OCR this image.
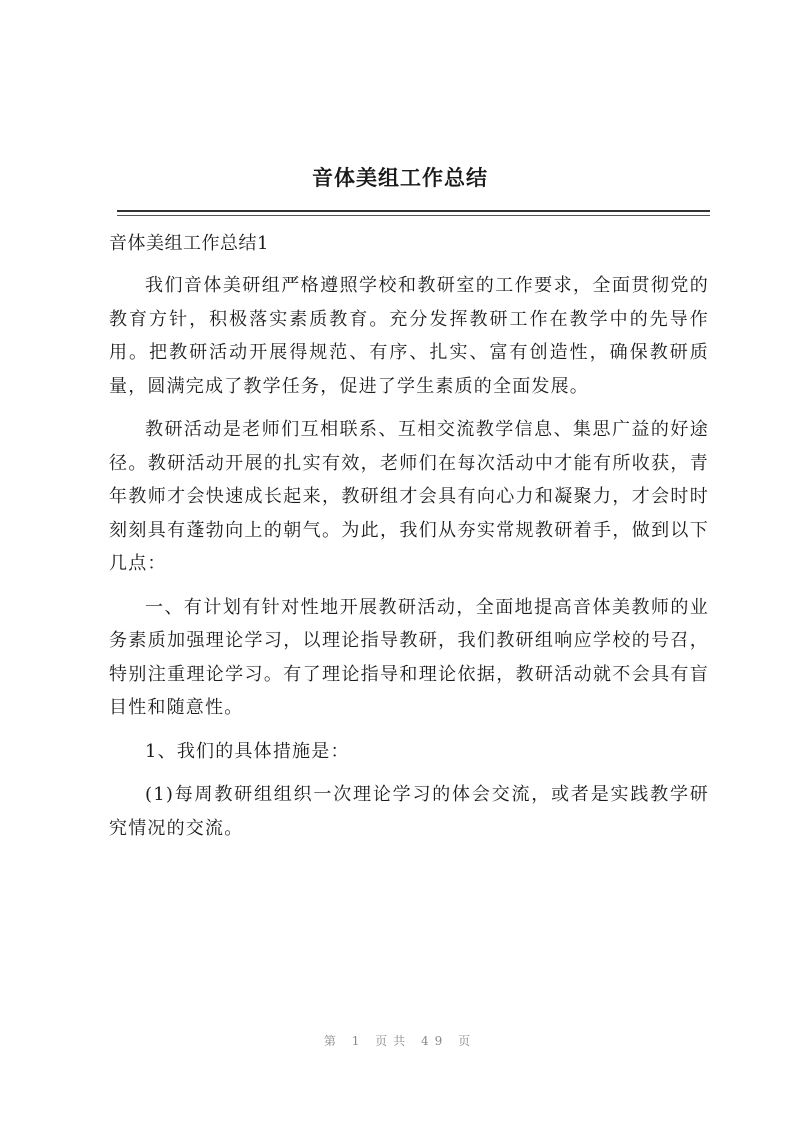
音体美组工作总结

音体美组工作总结1

我们音体美研组严格遵照学校和教研室的工作要求，全面贯彻党的教育方针，积极落实素质教育。充分发挥教研工作在教学中的先导作用。把教研活动开展得规范、有序、扎实、富有创造性，确保教研质量，圆满完成了教学任务，促进了学生素质的全面发展。

教研活动是老师们互相联系、互相交流教学信息、集思广益的好途径。教研活动开展的扎实有效，老师们在每次活动中才能有所收获，青年教师才会快速成长起来，教研组才会具有向心力和凝聚力，才会时时刻刻具有蓬勃向上的朝气。为此，我们从夯实常规教研着手，做到以下几点：

一、有计划有针对性地开展教研活动，全面地提高音体美教师的业务素质加强理论学习，以理论指导教研，我们教研组响应学校的号召，特别注重理论学习。有了理论指导和理论依据，教研活动就不会具有盲目性和随意性。

1、我们的具体措施是：

(1)每周教研组组织一次理论学习的体会交流，或者是实践教学研究情况的交流。

第 1 页共 49 页
